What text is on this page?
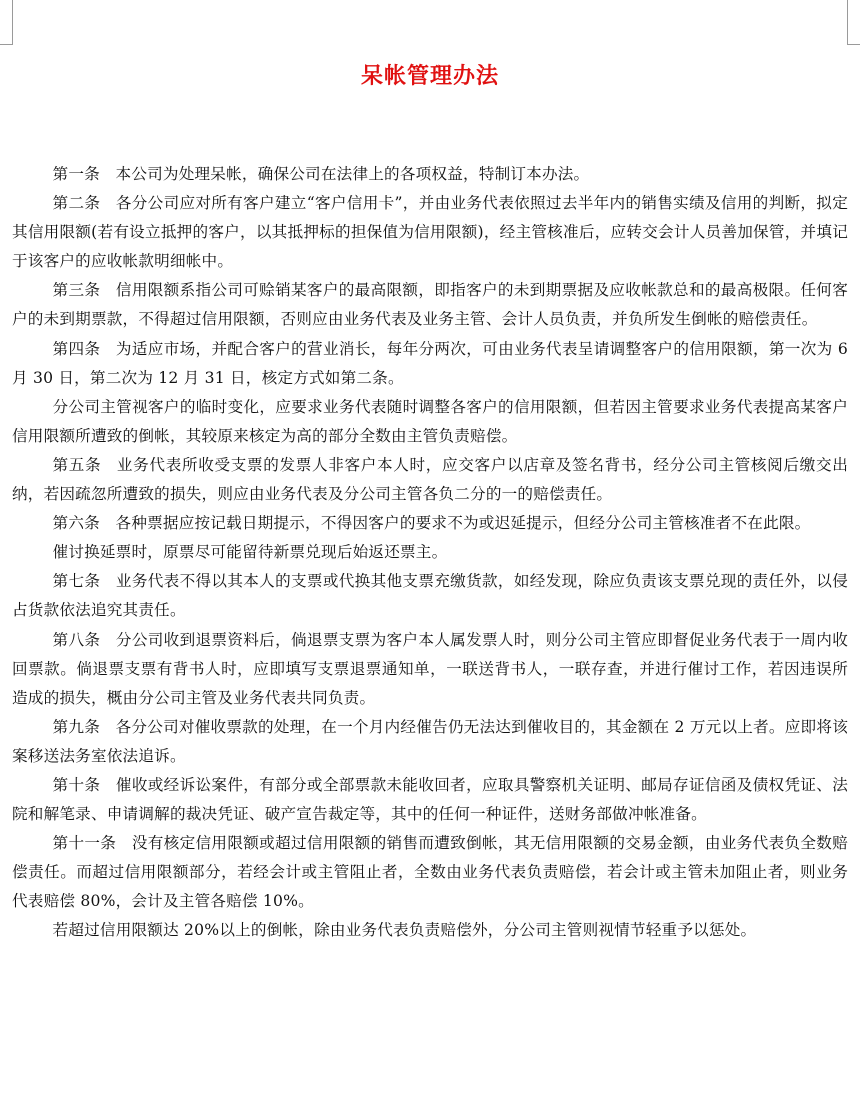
呆帐管理办法

第一条 本公司为处理呆帐，确保公司在法律上的各项权益，特制订本办法。

第二条 各分公司应对所有客户建立“客户信用卡”，并由业务代表依照过去半年内的销售实绩及信用的判断，拟定其信用限额(若有设立抵押的客户，以其抵押标的担保值为信用限额)，经主管核准后，应转交会计人员善加保管，并填记于该客户的应收帐款明细帐中。

第三条 信用限额系指公司可赊销某客户的最高限额，即指客户的未到期票据及应收帐款总和的最高极限。任何客户的未到期票款，不得超过信用限额，否则应由业务代表及业务主管、会计人员负责，并负所发生倒帐的赔偿责任。

第四条 为适应市场，并配合客户的营业消长，每年分两次，可由业务代表呈请调整客户的信用限额，第一次为 6 月 30 日，第二次为 12 月 31 日，核定方式如第二条。

分公司主管视客户的临时变化，应要求业务代表随时调整各客户的信用限额，但若因主管要求业务代表提高某客户信用限额所遭致的倒帐，其较原来核定为高的部分全数由主管负责赔偿。

第五条 业务代表所收受支票的发票人非客户本人时，应交客户以店章及签名背书，经分公司主管核阅后缴交出纳，若因疏忽所遭致的损失，则应由业务代表及分公司主管各负二分的一的赔偿责任。

第六条 各种票据应按记载日期提示，不得因客户的要求不为或迟延提示，但经分公司主管核准者不在此限。

催讨换延票时，原票尽可能留待新票兑现后始返还票主。

第七条 业务代表不得以其本人的支票或代换其他支票充缴货款，如经发现，除应负责该支票兑现的责任外，以侵占货款依法追究其责任。

第八条 分公司收到退票资料后，倘退票支票为客户本人属发票人时，则分公司主管应即督促业务代表于一周内收回票款。倘退票支票有背书人时，应即填写支票退票通知单，一联送背书人，一联存查，并进行催讨工作，若因违误所造成的损失，概由分公司主管及业务代表共同负责。

第九条 各分公司对催收票款的处理，在一个月内经催告仍无法达到催收目的，其金额在 2 万元以上者。应即将该案移送法务室依法追诉。

第十条 催收或经诉讼案件，有部分或全部票款未能收回者，应取具警察机关证明、邮局存证信函及债权凭证、法院和解笔录、申请调解的裁决凭证、破产宣告裁定等，其中的任何一种证件，送财务部做冲帐准备。

第十一条 没有核定信用限额或超过信用限额的销售而遭致倒帐，其无信用限额的交易金额，由业务代表负全数赔偿责任。而超过信用限额部分，若经会计或主管阻止者，全数由业务代表负责赔偿，若会计或主管未加阻止者，则业务代表赔偿 80%，会计及主管各赔偿 10%。

若超过信用限额达 20%以上的倒帐，除由业务代表负责赔偿外，分公司主管则视情节轻重予以惩处。
